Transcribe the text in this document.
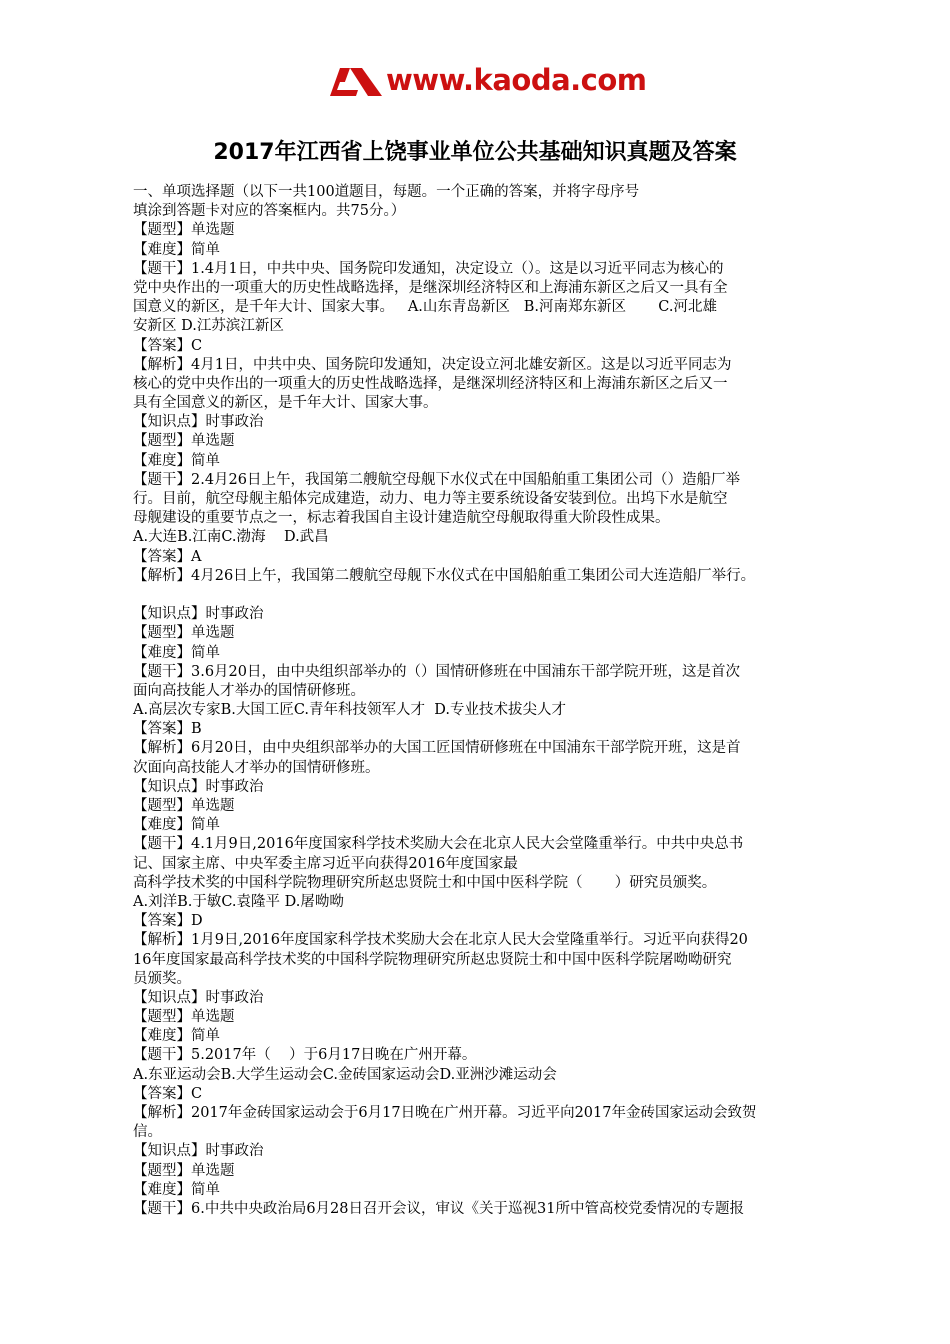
www.kaoda.com
2017年江西省上饶事业单位公共基础知识真题及答案
一、单项选择题（以下一共100道题目，每题。一个正确的答案，并将字母序号
填涂到答题卡对应的答案框内。共75分。）
【题型】单选题
【难度】简单
【题干】1.4月1日，中共中央、国务院印发通知，决定设立（）。这是以习近平同志为核心的
党中央作出的一项重大的历史性战略选择，是继深圳经济特区和上海浦东新区之后又一具有全
国意义的新区，是千年大计、国家大事。   A.山东青岛新区   B.河南郑东新区       C.河北雄
安新区 D.江苏滨江新区
【答案】C
【解析】4月1日，中共中央、国务院印发通知，决定设立河北雄安新区。这是以习近平同志为
核心的党中央作出的一项重大的历史性战略选择，是继深圳经济特区和上海浦东新区之后又一
具有全国意义的新区，是千年大计、国家大事。
【知识点】时事政治
【题型】单选题
【难度】简单
【题干】2.4月26日上午，我国第二艘航空母舰下水仪式在中国船舶重工集团公司（）造船厂举
行。目前，航空母舰主船体完成建造，动力、电力等主要系统设备安装到位。出坞下水是航空
母舰建设的重要节点之一，标志着我国自主设计建造航空母舰取得重大阶段性成果。
A.大连B.江南C.渤海    D.武昌
【答案】A
【解析】4月26日上午，我国第二艘航空母舰下水仪式在中国船舶重工集团公司大连造船厂举行。
【知识点】时事政治
【题型】单选题
【难度】简单
【题干】3.6月20日，由中央组织部举办的（）国情研修班在中国浦东干部学院开班，这是首次
面向高技能人才举办的国情研修班。
A.高层次专家B.大国工匠C.青年科技领军人才  D.专业技术拔尖人才
【答案】B
【解析】6月20日，由中央组织部举办的大国工匠国情研修班在中国浦东干部学院开班，这是首
次面向高技能人才举办的国情研修班。
【知识点】时事政治
【题型】单选题
【难度】简单
【题干】4.1月9日,2016年度国家科学技术奖励大会在北京人民大会堂隆重举行。中共中央总书
记、国家主席、中央军委主席习近平向获得2016年度国家最
高科学技术奖的中国科学院物理研究所赵忠贤院士和中国中医科学院（       ）研究员颁奖。
A.刘洋B.于敏C.袁隆平 D.屠呦呦
【答案】D
【解析】1月9日,2016年度国家科学技术奖励大会在北京人民大会堂隆重举行。习近平向获得20
16年度国家最高科学技术奖的中国科学院物理研究所赵忠贤院士和中国中医科学院屠呦呦研究
员颁奖。
【知识点】时事政治
【题型】单选题
【难度】简单
【题干】5.2017年（    ）于6月17日晚在广州开幕。
A.东亚运动会B.大学生运动会C.金砖国家运动会D.亚洲沙滩运动会
【答案】C
【解析】2017年金砖国家运动会于6月17日晚在广州开幕。习近平向2017年金砖国家运动会致贺
信。
【知识点】时事政治
【题型】单选题
【难度】简单
【题干】6.中共中央政治局6月28日召开会议，审议《关于巡视31所中管高校党委情况的专题报
